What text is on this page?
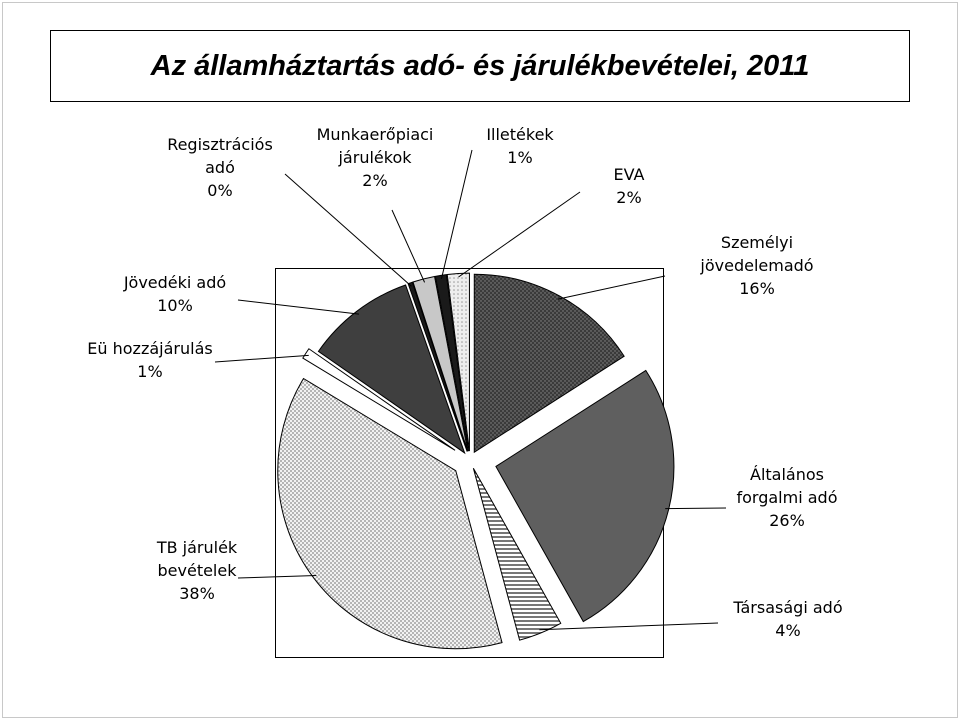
Az államháztartás adó- és járulékbevételei, 2011
Személyi jövedelemadó 16%
Általános forgalmi adó 26%
Társasági adó 4%
TB járulék bevételek 38%
Eü hozzájárulás 1%
Jövedéki adó 10%
Regisztrációs adó 0%
Munkaerőpiaci járulékok 2%
Illetékek 1%
EVA 2%
